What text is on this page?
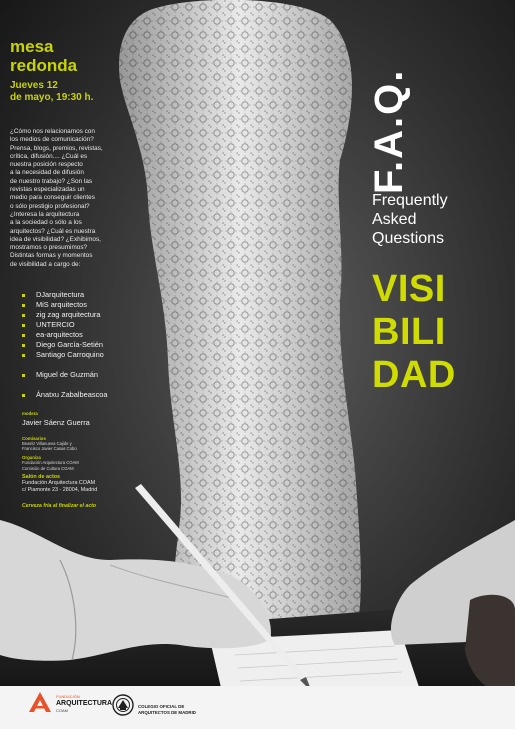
mesa
redonda
Jueves 12
de mayo, 19:30 h.
¿Cómo nos relacionamos con
los medios de comunicación?
Prensa, blogs, premios, revistas,
crítica, difusión.... ¿Cuál es
nuestra posición respecto
a la necesidad de difusión
de nuestro trabajo? ¿Son las
revistas especializadas un
medio para conseguir clientes
o sólo prestigio profesional?
¿Interesa la arquitectura
a la sociedad o sólo a los
arquitectos? ¿Cuál es nuestra
idea de visibilidad? ¿Exhibimos,
mostramos o presumimos?
Distintas formas y momentos
de visibilidad a cargo de:
DJarquitectura
MiS arquitectos
zig zag arquitectura
UNTERCIO
ea-arquitectos
Diego García-Setién
Santiago Carroquino
Miguel de Guzmán
Ánatxu Zabalbeascoa
modera
Javier Sáenz Guerra
Comisarios
Beatriz Villanueva Cajide y
Francisco Javier Casas Cobo
Organiza
Fundación Arquitectura COAM
Comisión de Cultura COAM
Salón de actos
Fundación Arquitectura COAM
c/ Piamonte 23 - 28004, Madrid
Cerveza fría al finalizar el acto
F.A.Q.
Frequently
Asked
Questions
VISI
BILI
DAD
FUNDACIÓN
ARQUITECTURA
COAM
COLEGIO OFICIAL DE
ARQUITECTOS DE MADRID
